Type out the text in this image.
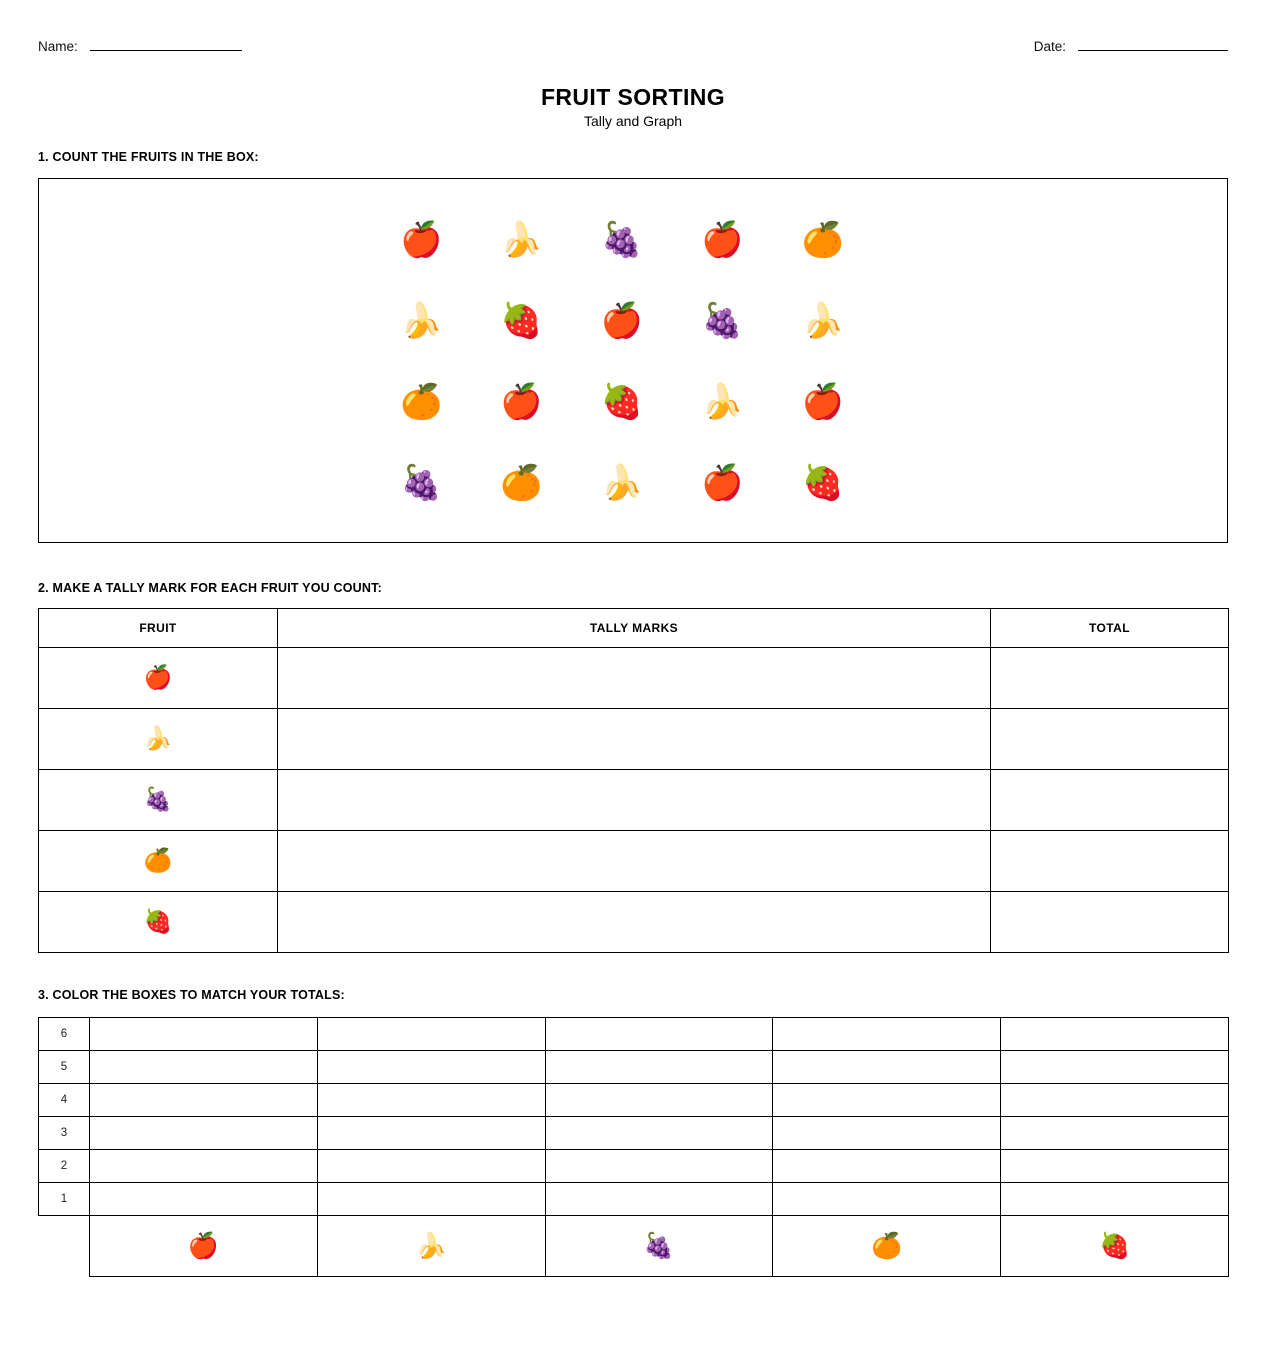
Name:	Date:
FRUIT SORTING
Tally and Graph
1. COUNT THE FRUITS IN THE BOX:
🍎 🍌 🍇 🍎 🍊
🍌 🍓 🍎 🍇 🍌
🍊 🍎 🍓 🍌 🍎
🍇 🍊 🍌 🍎 🍓
2. MAKE A TALLY MARK FOR EACH FRUIT YOU COUNT:
FRUIT	TALLY MARKS	TOTAL
🍎		
🍌		
🍇		
🍊		
🍓		
3. COLOR THE BOXES TO MATCH YOUR TOTALS:
6					
5					
4					
3					
2					
1					
	🍎	🍌	🍇	🍊	🍓
